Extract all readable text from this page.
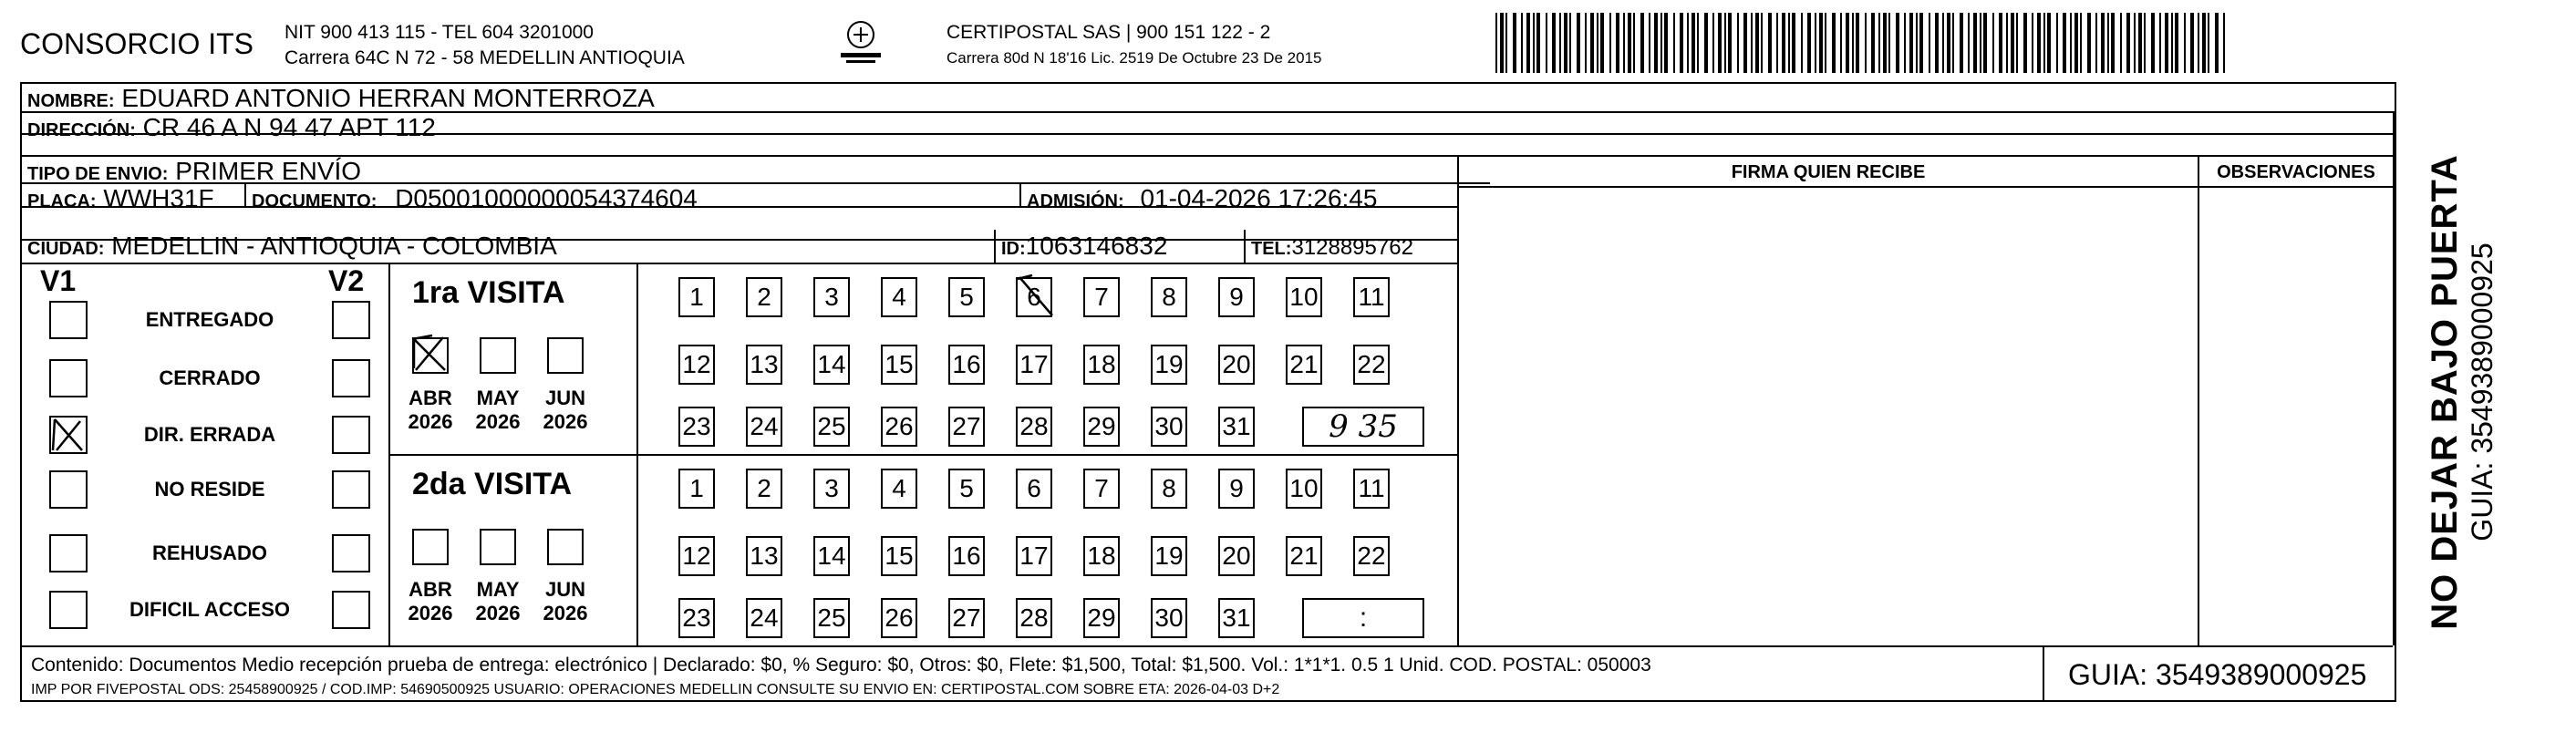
CONSORCIO ITS NIT 900 413 115 - TEL 604 3201000
Carrera 64C N 72 - 58 MEDELLIN ANTIOQUIA
CERTIPOSTAL SAS | 900 151 122 - 2
Carrera 80d N 18'16 Lic. 2519 De Octubre 23 De 2015
NOMBRE: EDUARD ANTONIO HERRAN MONTERROZA
DIRECCIÓN: CR 46 A N 94 47 APT 112
TIPO DE ENVIO: PRIMER ENVÍO
PLACA: WWH31F DOCUMENTO: D05001000000054374604	ADMISIÓN: 01-04-2026 17:26:45
CIUDAD: MEDELLIN - ANTIOQUIA - COLOMBIA	ID:1063146832	TEL:3128895762
FIRMA QUIEN RECIBE	OBSERVACIONES
V1	V2
ENTREGADO
CERRADO
DIR. ERRADA
NO RESIDE
REHUSADO
DIFICIL ACCESO
1ra VISITA
ABR
2026
MAY
2026
JUN
2026
1	2	3	4	5	6	7	8	9	10 11
12 13 14 15 16 17 18 19 20 21 22
23 24 25 26 27 28 29 30 31	9 35
2da VISITA
ABR
2026
MAY
2026
JUN
2026
1	2	3	4	5	6	7	8	9	10 11
12 13 14 15 16 17 18 19 20 21 22
23 24 25 26 27 28 29 30 31	:
Contenido: Documentos Medio recepción prueba de entrega: electrónico | Declarado: $0, % Seguro: $0, Otros: $0, Flete: $1,500, Total: $1,500. Vol.: 1*1*1. 0.5 1 Unid. COD. POSTAL: 050003
IMP POR FIVEPOSTAL ODS: 25458900925 / COD.IMP: 54690500925 USUARIO: OPERACIONES MEDELLIN CONSULTE SU ENVIO EN: CERTIPOSTAL.COM SOBRE ETA: 2026-04-03 D+2	GUIA: 3549389000925
NO DEJAR BAJO PUERTA GUIA: 3549389000925
